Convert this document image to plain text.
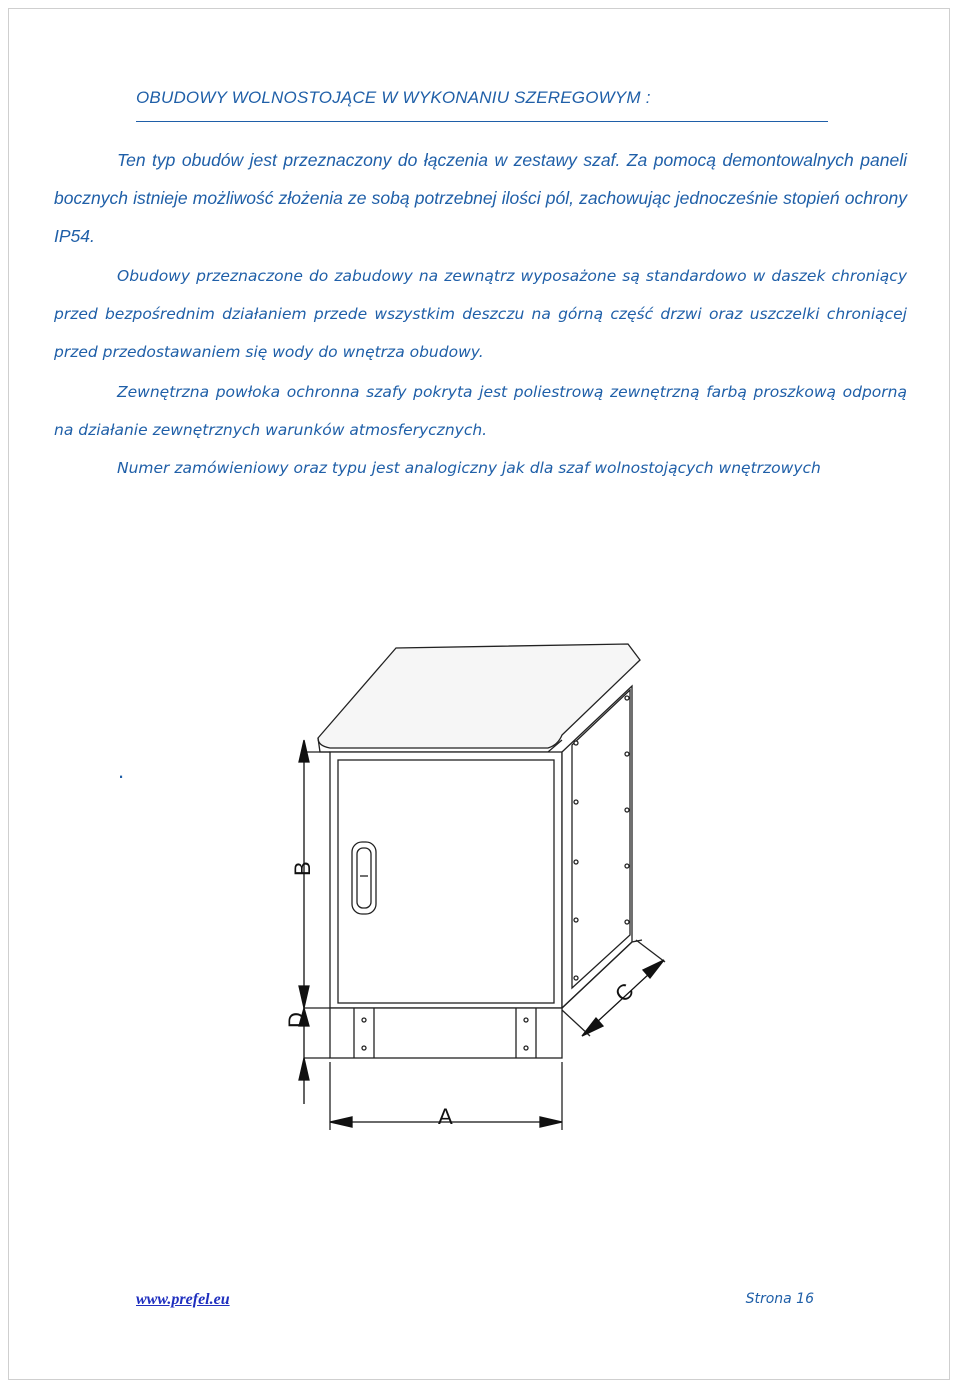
OBUDOWY WOLNOSTOJĄCE W WYKONANIU SZEREGOWYM :
Ten typ obudów jest przeznaczony do łączenia w zestawy szaf. Za pomocą demontowalnych paneli bocznych istnieje możliwość złożenia ze sobą potrzebnej ilości pól, zachowując jednocześnie stopień ochrony IP54.
Obudowy przeznaczone do zabudowy na zewnątrz wyposażone są standardowo w daszek chroniący przed bezpośrednim działaniem przede wszystkim deszczu na górną część drzwi oraz uszczelki chroniącej przed przedostawaniem się wody do wnętrza obudowy.
Zewnętrzna powłoka ochronna szafy pokryta jest poliestrową zewnętrzną farbą proszkową odporną na działanie zewnętrznych warunków atmosferycznych.
Numer zamówieniowy oraz typu jest analogiczny jak dla szaf wolnostojących wnętrzowych
.
A
B
C
D
www.prefel.eu	Strona 16
